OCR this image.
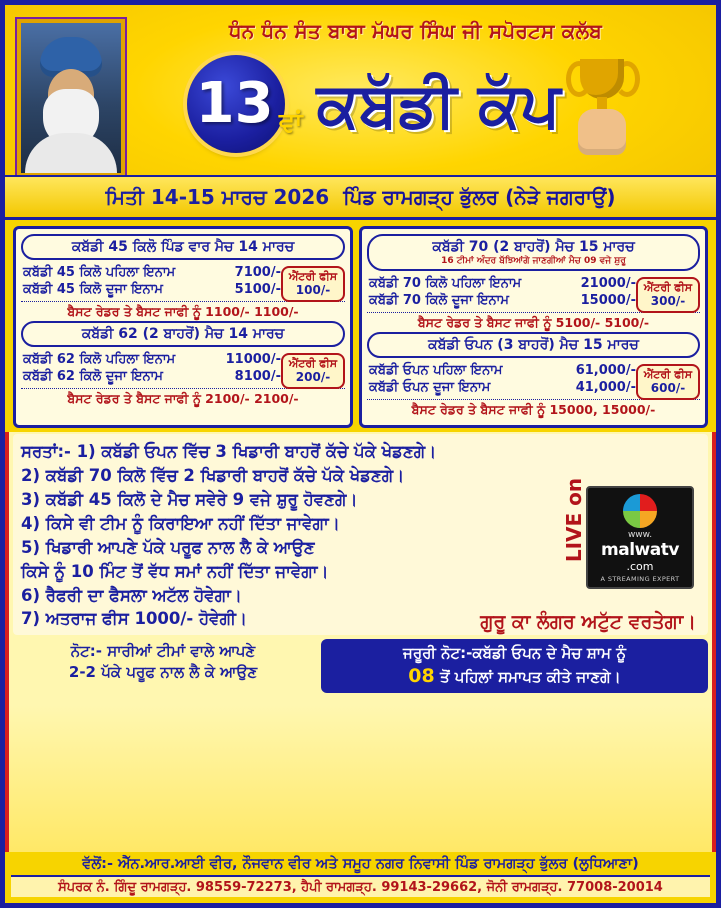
ਧੰਨ ਧੰਨ ਸੰਤ ਬਾਬਾ ਮੱਘਰ ਸਿੰਘ ਜੀ ਸਪੋਰਟਸ ਕਲੱਬ
13 ਵਾਂ ਕਬੱਡੀ ਕੱਪ
ਮਿਤੀ 14-15 ਮਾਰਚ 2026 ਪਿੰਡ ਰਾਮਗੜ੍ਹ ਭੁੱਲਰ (ਨੇੜੇ ਜਗਰਾਉਂ)
ਕਬੱਡੀ 45 ਕਿਲੋ ਪਿੰਡ ਵਾਰ ਮੈਚ 14 ਮਾਰਚ
ਐਂਟਰੀ ਫੀਸ
100/-
ਕਬੱਡੀ 45 ਕਿਲੋ ਪਹਿਲਾ ਇਨਾਮ	7100/-
ਕਬੱਡੀ 45 ਕਿਲੋ ਦੂਜਾ ਇਨਾਮ	5100/-
ਬੈਸਟ ਰੇਡਰ ਤੇ ਬੈਸਟ ਜਾਫੀ ਨੂੰ 1100/- 1100/-
ਕਬੱਡੀ 62 (2 ਬਾਹਰੋਂ) ਮੈਚ 14 ਮਾਰਚ
ਐਂਟਰੀ ਫੀਸ
200/-
ਕਬੱਡੀ 62 ਕਿਲੋ ਪਹਿਲਾ ਇਨਾਮ	11000/-
ਕਬੱਡੀ 62 ਕਿਲੋ ਦੂਜਾ ਇਨਾਮ	8100/-
ਬੈਸਟ ਰੇਡਰ ਤੇ ਬੈਸਟ ਜਾਫੀ ਨੂੰ 2100/- 2100/-
ਕਬੱਡੀ 70 (2 ਬਾਹਰੋਂ) ਮੈਚ 15 ਮਾਰਚ
16 ਟੀਮਾਂ ਅੰਦਰ ਬੱਝਿਆਂਗੇ ਜਾਣਗੀਆਂ ਮੈਚ 09 ਵਜੇ ਸ਼ੁਰੂ
ਐਂਟਰੀ ਫੀਸ
300/-
ਕਬੱਡੀ 70 ਕਿਲੋ ਪਹਿਲਾ ਇਨਾਮ	21000/-
ਕਬੱਡੀ 70 ਕਿਲੋ ਦੂਜਾ ਇਨਾਮ	15000/-
ਬੈਸਟ ਰੇਡਰ ਤੇ ਬੈਸਟ ਜਾਫੀ ਨੂੰ 5100/- 5100/-
ਕਬੱਡੀ ਓਪਨ (3 ਬਾਹਰੋਂ) ਮੈਚ 15 ਮਾਰਚ
ਐਂਟਰੀ ਫੀਸ
600/-
ਕਬੱਡੀ ਓਪਨ ਪਹਿਲਾ ਇਨਾਮ	61,000/-
ਕਬੱਡੀ ਓਪਨ ਦੂਜਾ ਇਨਾਮ	41,000/-
ਬੈਸਟ ਰੇਡਰ ਤੇ ਬੈਸਟ ਜਾਫੀ ਨੂੰ 15000, 15000/-
ਸਰਤਾਂ:- 1) ਕਬੱਡੀ ਓਪਨ ਵਿੱਚ 3 ਖਿਡਾਰੀ ਬਾਹਰੋਂ ਕੱਚੇ ਪੱਕੇ ਖੇਡਣਗੇ।
2) ਕਬੱਡੀ 70 ਕਿਲੋ ਵਿੱਚ 2 ਖਿਡਾਰੀ ਬਾਹਰੋਂ ਕੱਚੇ ਪੱਕੇ ਖੇਡਣਗੇ।
3) ਕਬੱਡੀ 45 ਕਿਲੋ ਦੇ ਮੈਚ ਸਵੇਰੇ 9 ਵਜੇ ਸ਼ੁਰੂ ਹੋਵਣਗੇ।
4) ਕਿਸੇ ਵੀ ਟੀਮ ਨੂੰ ਕਿਰਾਇਆ ਨਹੀਂ ਦਿੱਤਾ ਜਾਵੇਗਾ।
5) ਖਿਡਾਰੀ ਆਪਣੇ ਪੱਕੇ ਪਰੂਫ ਨਾਲ ਲੈ ਕੇ ਆਉਣ
ਕਿਸੇ ਨੂੰ 10 ਮਿੰਟ ਤੋਂ ਵੱਧ ਸਮਾਂ ਨਹੀਂ ਦਿੱਤਾ ਜਾਵੇਗਾ।
6) ਰੈਫਰੀ ਦਾ ਫੈਸਲਾ ਅਟੱਲ ਹੋਵੇਗਾ।
7) ਅਤਰਾਜ ਫੀਸ 1000/- ਹੋਵੇਗੀ।
LIVE on	www.
malwatv
.com
A STREAMING EXPERT
ਗੁਰੂ ਕਾ ਲੰਗਰ ਅਟੁੱਟ ਵਰਤੇਗਾ।
ਨੋਟ:- ਸਾਰੀਆਂ ਟੀਮਾਂ ਵਾਲੇ ਆਪਣੇ
2-2 ਪੱਕੇ ਪਰੂਫ ਨਾਲ ਲੈ ਕੇ ਆਉਣ
ਜਰੂਰੀ ਨੋਟ:-ਕਬੱਡੀ ਓਪਨ ਦੇ ਮੈਚ ਸ਼ਾਮ ਨੂੰ
08 ਤੋਂ ਪਹਿਲਾਂ ਸਮਾਪਤ ਕੀਤੇ ਜਾਣਗੇ।
ਵੱਲੋਂ:- ਐੱਨ.ਆਰ.ਆਈ ਵੀਰ, ਨੌਜਵਾਨ ਵੀਰ ਅਤੇ ਸਮੂਹ ਨਗਰ ਨਿਵਾਸੀ ਪਿੰਡ ਰਾਮਗੜ੍ਹ ਭੁੱਲਰ (ਲੁਧਿਆਣਾ)
ਸੰਪਰਕ ਨੰ. ਗਿੰਦੂ ਰਾਮਗੜ੍ਹ. 98559-72273, ਹੈਪੀ ਰਾਮਗੜ੍ਹ. 99143-29662, ਜੋਨੀ ਰਾਮਗੜ੍ਹ. 77008-20014
